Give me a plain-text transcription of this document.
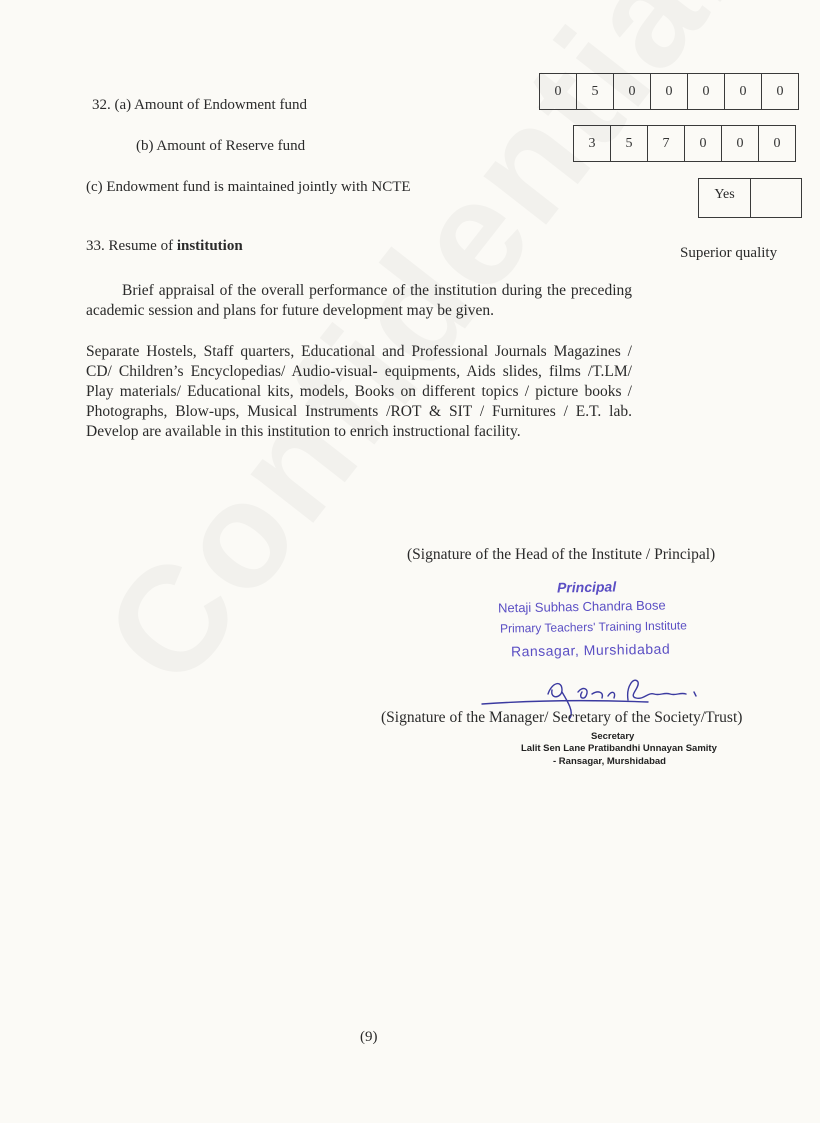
32. (a) Amount of Endowment fund
0	5	0	0	0	0	0
(b) Amount of Reserve fund	3	5	7	0	0	0
(c) Endowment fund is maintained jointly with NCTE	Yes
33. Resume of institution	Superior quality
Brief appraisal of the overall performance of the institution during the preceding academic session and plans for future development may be given.
Separate Hostels, Staff quarters, Educational and Professional Journals Magazines / CD/ Children’s Encyclopedias/ Audio-visual- equipments, Aids slides, films /T.LM/ Play materials/ Educational kits, models, Books on different topics / picture books / Photographs, Blow-ups, Musical Instruments /ROT & SIT / Furnitures / E.T. lab. Develop are available in this institution to enrich instructional facility.
(Signature of the Head of the Institute / Principal)
Principal
Netaji Subhas Chandra Bose
Primary Teachers' Training Institute
Ransagar, Murshidabad
(Signature of the Manager/ Secretary of the Society/Trust)
Secretary
Lalit Sen Lane Pratibandhi Unnayan Samity
- Ransagar, Murshidabad
(9)
